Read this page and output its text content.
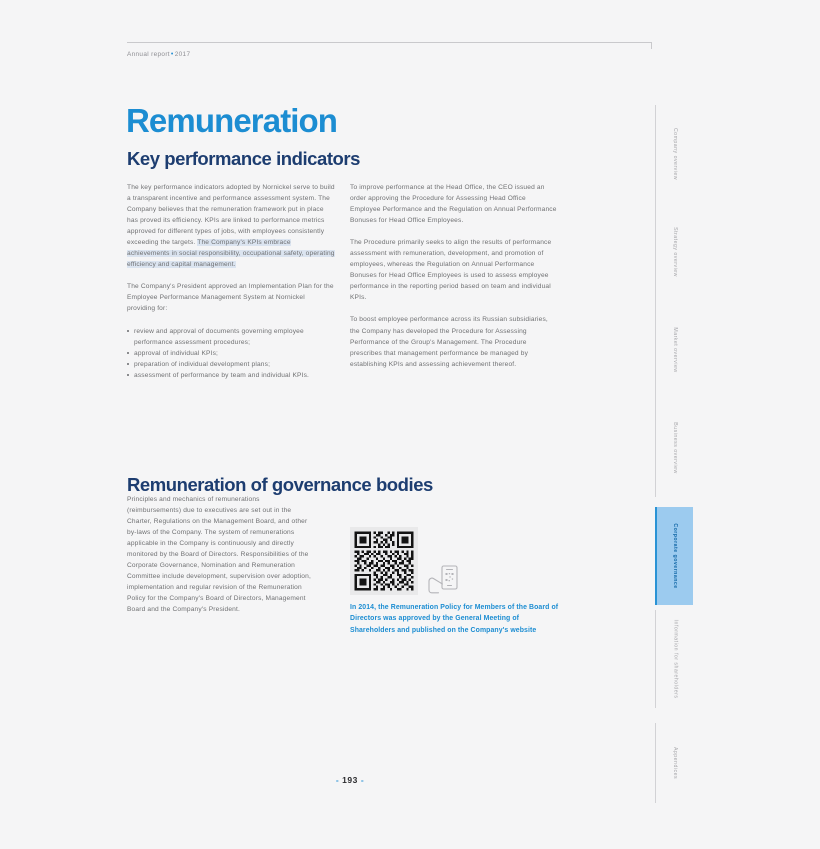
Annual report•2017
Remuneration
Key performance indicators

The key performance indicators adopted by Nornickel serve to build a transparent incentive and performance assessment system. The Company believes that the remuneration framework put in place has proved its efficiency. KPIs are linked to performance metrics approved for different types of jobs, with employees consistently exceeding the targets. The Company's KPIs embrace achievements in social responsibility, occupational safety, operating efficiency and capital management.

The Company's President approved an Implementation Plan for the Employee Performance Management System at Nornickel providing for:

review and approval of documents governing employee performance assessment procedures;
approval of individual KPIs;
preparation of individual development plans;
assessment of performance by team and individual KPIs.

To improve performance at the Head Office, the CEO issued an order approving the Procedure for Assessing Head Office Employee Performance and the Regulation on Annual Performance Bonuses for Head Office Employees.

The Procedure primarily seeks to align the results of performance assessment with remuneration, development, and promotion of employees, whereas the Regulation on Annual Performance Bonuses for Head Office Employees is used to assess employee performance in the reporting period based on team and individual KPIs.

To boost employee performance across its Russian subsidiaries, the Company has developed the Procedure for Assessing Performance of the Group's Management. The Procedure prescribes that management performance be managed by establishing KPIs and assessing achievement thereof.

Remuneration of governance bodies

Principles and mechanics of remunerations (reimbursements) due to executives are set out in the Charter, Regulations on the Management Board, and other by-laws of the Company. The system of remunerations applicable in the Company is continuously and directly monitored by the Board of Directors. Responsibilities of the Corporate Governance, Nomination and Remuneration Committee include development, supervision over adoption, implementation and regular revision of the Remuneration Policy for the Company's Board of Directors, Management Board and the Company's President.	In 2014, the Remuneration Policy for Members of the Board of Directors was approved by the General Meeting of Shareholders and published on the Company's website
- 193 -
Company overview
Strategy overview
Market overview
Business overview
Corporate governance
Information for shareholders
Appendices
